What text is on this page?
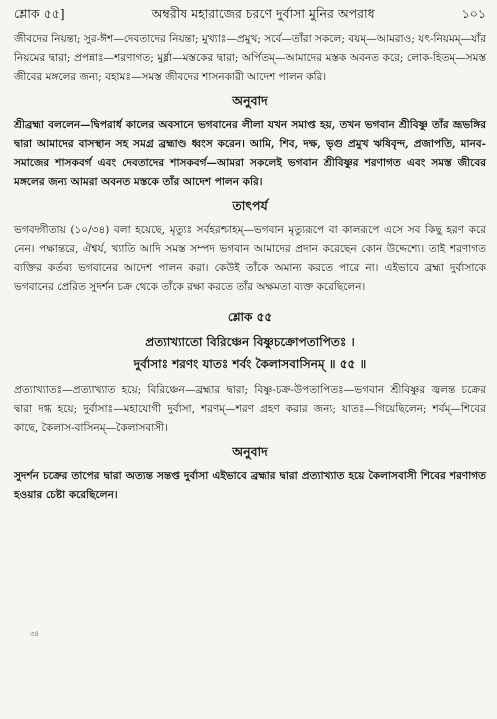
শ্লোক ৫৫]	অম্বরীষ মহারাজের চরণে দুর্বাসা মুনির অপরাধ	১০১

জীবদের নিয়ন্তা; সুর-ঈশ—দেবতাদের নিয়ন্তা; মুখ্যাঃ—প্রমুখ; সর্বে—তাঁরা সকলে; বয়ম্—আমরাও; যৎ-নিয়মম্—যাঁর নিয়মের দ্বারা; প্রপন্নাঃ—শরণাগত; মুর্ধ্না—মস্তকের দ্বারা; অর্পিতম্—আমাদের মস্তক অবনত করে; লোক-হিতম্—সমস্ত জীবের মঙ্গলের জন্য; বহামঃ—সমস্ত জীবদের শাসনকারী আদেশ পালন করি।

অনুবাদ

শ্রীব্রহ্মা বললেন—দ্বিপরার্ধ কালের অবসানে ভগবানের লীলা যখন সমাপ্ত হয়, তখন ভগবান শ্রীবিষ্ণু তাঁর ভ্রূভঙ্গির দ্বারা আমাদের বাসস্থান সহ সমগ্র ব্রহ্মাণ্ড ধ্বংস করেন। আমি, শিব, দক্ষ, ভৃগু প্রমুখ ঋষিবৃন্দ, প্রজাপতি, মানব-সমাজের শাসকবর্গ এবং দেবতাদের শাসকবর্গ—আমরা সকলেই ভগবান শ্রীবিষ্ণুর শরণাগত এবং সমস্ত জীবের মঙ্গলের জন্য আমরা অবনত মস্তকে তাঁর আদেশ পালন করি।

তাৎপর্য

ভগবদ্গীতায় (১০/৩৪) বলা হয়েছে, মৃত্যুঃ সর্বহরশ্চাহম্—ভগবান মৃত্যুরূপে বা কালরূপে এসে সব কিছু হরণ করে নেন। পক্ষান্তরে, ঐশ্বর্য, খ্যাতি আদি সমস্ত সম্পদ ভগবান আমাদের প্রদান করেছেন কোন উদ্দেশ্যে। তাই শরণাগত ব্যক্তির কর্তব্য ভগবানের আদেশ পালন করা। কেউই তাঁকে অমান্য করতে পারে না। এইভাবে ব্রহ্মা দুর্বাসাকে ভগবানের প্রেরিত সুদর্শন চক্র থেকে তাঁকে রক্ষা করতে তাঁর অক্ষমতা ব্যক্ত করেছিলেন।

শ্লোক ৫৫

প্রত্যাখ্যাতো বিরিঞ্চেন বিষ্ণুচক্রোপতাপিতঃ ।

দুর্বাসাঃ শরণং যাতঃ শর্বং কৈলাসবাসিনম্ ॥ ৫৫ ॥

প্রত্যাখ্যাতঃ—প্রত্যাখ্যাত হয়ে; বিরিঞ্চেন—ব্রহ্মার দ্বারা; বিষ্ণু-চক্র-উপতাপিতঃ—ভগবান শ্রীবিষ্ণুর জ্বলন্ত চক্রের দ্বারা দগ্ধ হয়ে; দুর্বাসাঃ—মহাযোগী দুর্বাসা, শরণম্—শরণ গ্রহণ করার জন্য; যাতঃ—গিয়েছিলেন; শর্বম্—শিবের কাছে, কৈলাস-বাসিনম্—কৈলাসবাসী।

অনুবাদ

সুদর্শন চক্রের তাপের দ্বারা অত্যন্ত সন্তপ্ত দুর্বাসা এইভাবে ব্রহ্মার দ্বারা প্রত্যাখ্যাত হয়ে কৈলাসবাসী শিবের শরণাগত হওয়ার চেষ্টা করেছিলেন।

৩৪
